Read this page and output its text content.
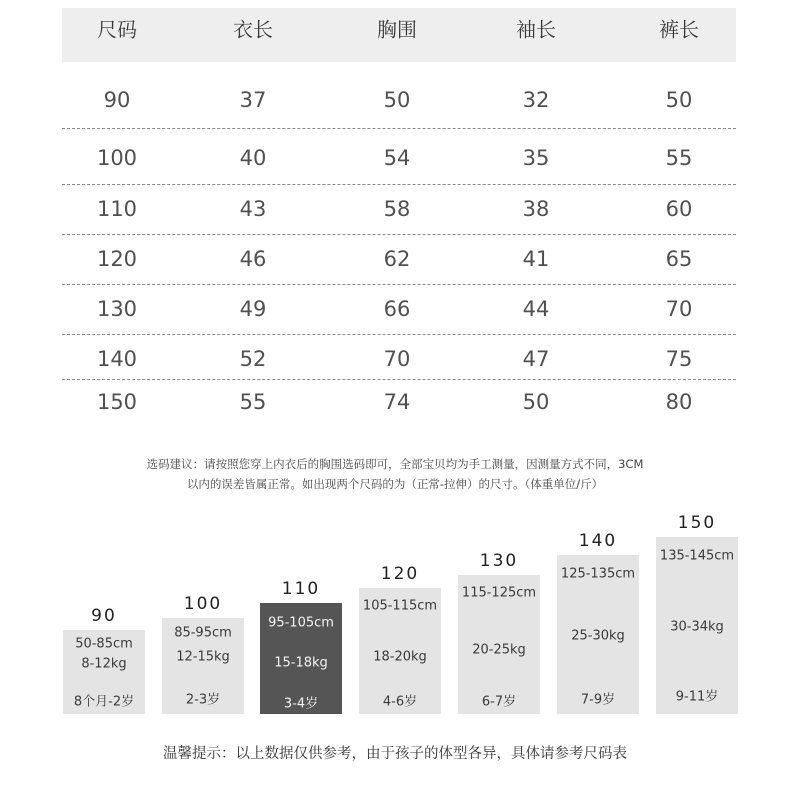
尺码	衣长	胸围	袖长	裤长
90	37	50	32	50
100	40	54	35	55
110	43	58	38	60
120	46	62	41	65
130	49	66	44	70
140	52	70	47	75
150	55	74	50	80
选码建议：请按照您穿上内衣后的胸围选码即可，全部宝贝均为手工测量，因测量方式不同，3CM
以内的误差皆属正常。如出现两个尺码的为（正常-拉伸）的尺寸。（体重单位/斤）
90
50-85cm
8-12kg
8个月-2岁
100
85-95cm
12-15kg
2-3岁
110
95-105cm
15-18kg
3-4岁
120
105-115cm
18-20kg
4-6岁
130
115-125cm
20-25kg
6-7岁
140
125-135cm
25-30kg
7-9岁
150
135-145cm
30-34kg
9-11岁
温馨提示：以上数据仅供参考，由于孩子的体型各异，具体请参考尺码表
